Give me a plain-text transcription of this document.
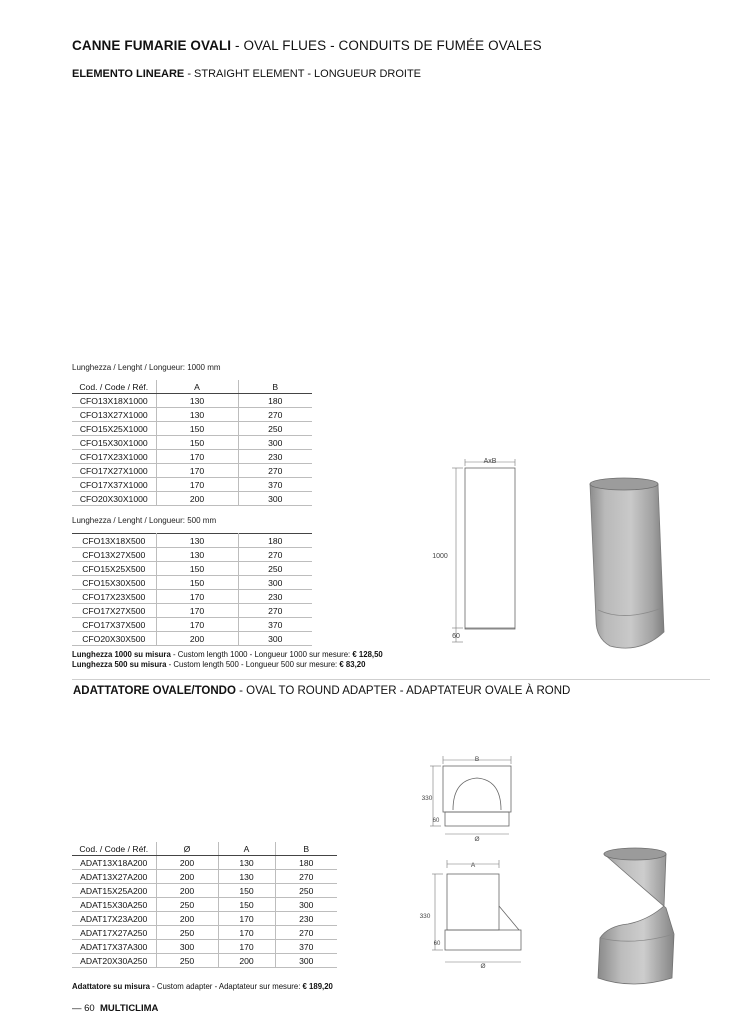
CANNE FUMARIE OVALI - OVAL FLUES - CONDUITS DE FUMÉE OVALES
ELEMENTO LINEARE - STRAIGHT ELEMENT - LONGUEUR DROITE
Lunghezza / Lenght / Longueur: 1000 mm
Cod. / Code / Réf.	A	B
CFO13X18X1000	130	180
CFO13X27X1000	130	270
CFO15X25X1000	150	250
CFO15X30X1000	150	300
CFO17X23X1000	170	230
CFO17X27X1000	170	270
CFO17X37X1000	170	370
CFO20X30X1000	200	300
Lunghezza / Lenght / Longueur: 500 mm
CFO13X18X500	130	180
CFO13X27X500	130	270
CFO15X25X500	150	250
CFO15X30X500	150	300
CFO17X23X500	170	230
CFO17X27X500	170	270
CFO17X37X500	170	370
CFO20X30X500	200	300
Lunghezza 1000 su misura - Custom length 1000 - Longueur 1000 sur mesure: € 128,50
Lunghezza 500 su misura - Custom length 500 - Longueur 500 sur mesure: € 83,20
AxB
1000
60
ADATTATORE OVALE/TONDO - OVAL TO ROUND ADAPTER - ADAPTATEUR OVALE À ROND
Cod. / Code / Réf.	Ø	A	B
ADAT13X18A200	200	130	180
ADAT13X27A200	200	130	270
ADAT15X25A200	200	150	250
ADAT15X30A250	250	150	300
ADAT17X23A200	200	170	230
ADAT17X27A250	250	170	270
ADAT17X37A300	300	170	370
ADAT20X30A250	250	200	300
Adattatore su misura - Custom adapter - Adaptateur sur mesure: € 189,20
B
330
60
Ø
A
330
60
Ø
— 60 MULTICLIMA
